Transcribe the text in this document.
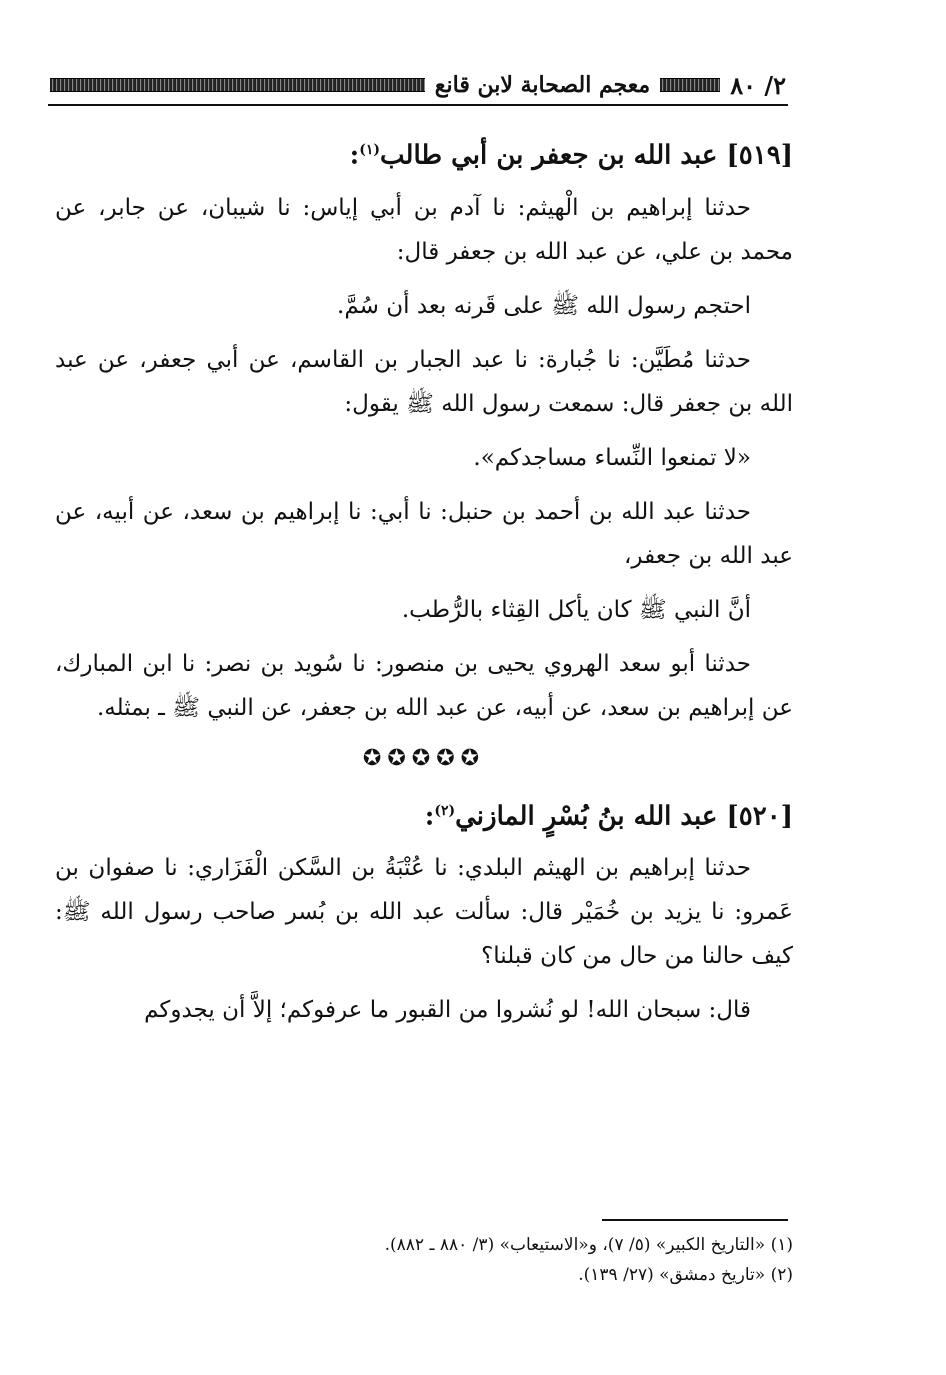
٢/ ٨٠
معجم الصحابة لابن قانع
[٥١٩] عبد الله بن جعفر بن أبي طالب$^{(١)}$:
حدثنا إبراهيم بن الْهيثم: نا آدم بن أبي إياس: نا شيبان، عن جابر، عن محمد بن علي، عن عبد الله بن جعفر قال:
احتجم رسول الله ﷺ على قَرنه بعد أن سُمَّ.
حدثنا مُطَيَّن: نا جُبارة: نا عبد الجبار بن القاسم، عن أبي جعفر، عن عبد الله بن جعفر قال: سمعت رسول الله ﷺ يقول:
«لا تمنعوا النِّساء مساجدكم».
حدثنا عبد الله بن أحمد بن حنبل: نا أبي: نا إبراهيم بن سعد، عن أبيه، عن عبد الله بن جعفر،
أنَّ النبي ﷺ كان يأكل القِثاء بالرُّطب.
حدثنا أبو سعد الهروي يحيى بن منصور: نا سُويد بن نصر: نا ابن المبارك، عن إبراهيم بن سعد، عن أبيه، عن عبد الله بن جعفر، عن النبي ﷺ ـ بمثله.
✪✪✪✪✪
[٥٢٠] عبد الله بنُ بُسْرٍ المازني$^{(٢)}$:
حدثنا إبراهيم بن الهيثم البلدي: نا عُتْبَةُ بن السَّكن الْفَزَاري: نا صفوان بن عَمرو: نا يزيد بن خُمَيْر قال: سألت عبد الله بن بُسر صاحب رسول الله ﷺ: كيف حالنا من حال من كان قبلنا؟
قال: سبحان الله! لو نُشروا من القبور ما عرفوكم؛ إلاَّ أن يجدوكم
(١) «التاريخ الكبير» (٥/ ٧)، و«الاستيعاب» (٣/ ٨٨٠ ـ ٨٨٢).
(٢) «تاريخ دمشق» (٢٧/ ١٣٩).
